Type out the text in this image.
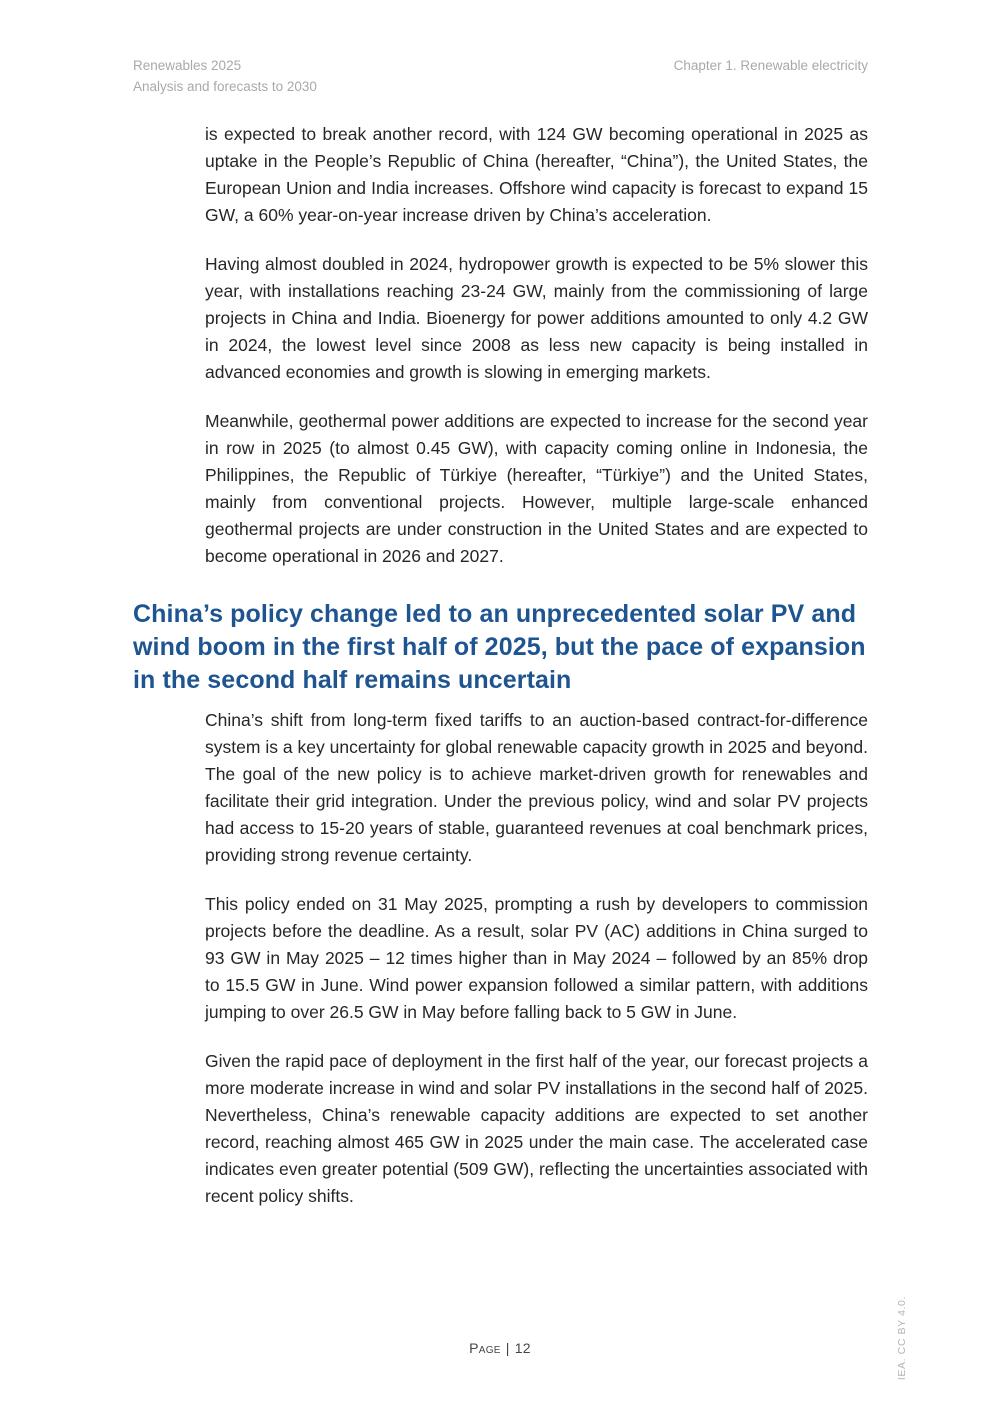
Renewables 2025
Analysis and forecasts to 2030
Chapter 1. Renewable electricity

is expected to break another record, with 124 GW becoming operational in 2025 as uptake in the People’s Republic of China (hereafter, “China”), the United States, the European Union and India increases. Offshore wind capacity is forecast to expand 15 GW, a 60% year-on-year increase driven by China’s acceleration.

Having almost doubled in 2024, hydropower growth is expected to be 5% slower this year, with installations reaching 23-24 GW, mainly from the commissioning of large projects in China and India. Bioenergy for power additions amounted to only 4.2 GW in 2024, the lowest level since 2008 as less new capacity is being installed in advanced economies and growth is slowing in emerging markets.

Meanwhile, geothermal power additions are expected to increase for the second year in row in 2025 (to almost 0.45 GW), with capacity coming online in Indonesia, the Philippines, the Republic of Türkiye (hereafter, “Türkiye”) and the United States, mainly from conventional projects. However, multiple large-scale enhanced geothermal projects are under construction in the United States and are expected to become operational in 2026 and 2027.

China’s policy change led to an unprecedented solar PV and wind boom in the first half of 2025, but the pace of expansion in the second half remains uncertain

China’s shift from long-term fixed tariffs to an auction-based contract-for-difference system is a key uncertainty for global renewable capacity growth in 2025 and beyond. The goal of the new policy is to achieve market-driven growth for renewables and facilitate their grid integration. Under the previous policy, wind and solar PV projects had access to 15-20 years of stable, guaranteed revenues at coal benchmark prices, providing strong revenue certainty.

This policy ended on 31 May 2025, prompting a rush by developers to commission projects before the deadline. As a result, solar PV (AC) additions in China surged to 93 GW in May 2025 – 12 times higher than in May 2024 – followed by an 85% drop to 15.5 GW in June. Wind power expansion followed a similar pattern, with additions jumping to over 26.5 GW in May before falling back to 5 GW in June.

Given the rapid pace of deployment in the first half of the year, our forecast projects a more moderate increase in wind and solar PV installations in the second half of 2025. Nevertheless, China’s renewable capacity additions are expected to set another record, reaching almost 465 GW in 2025 under the main case. The accelerated case indicates even greater potential (509 GW), reflecting the uncertainties associated with recent policy shifts.

Page | 12	IEA. CC BY 4.0.
